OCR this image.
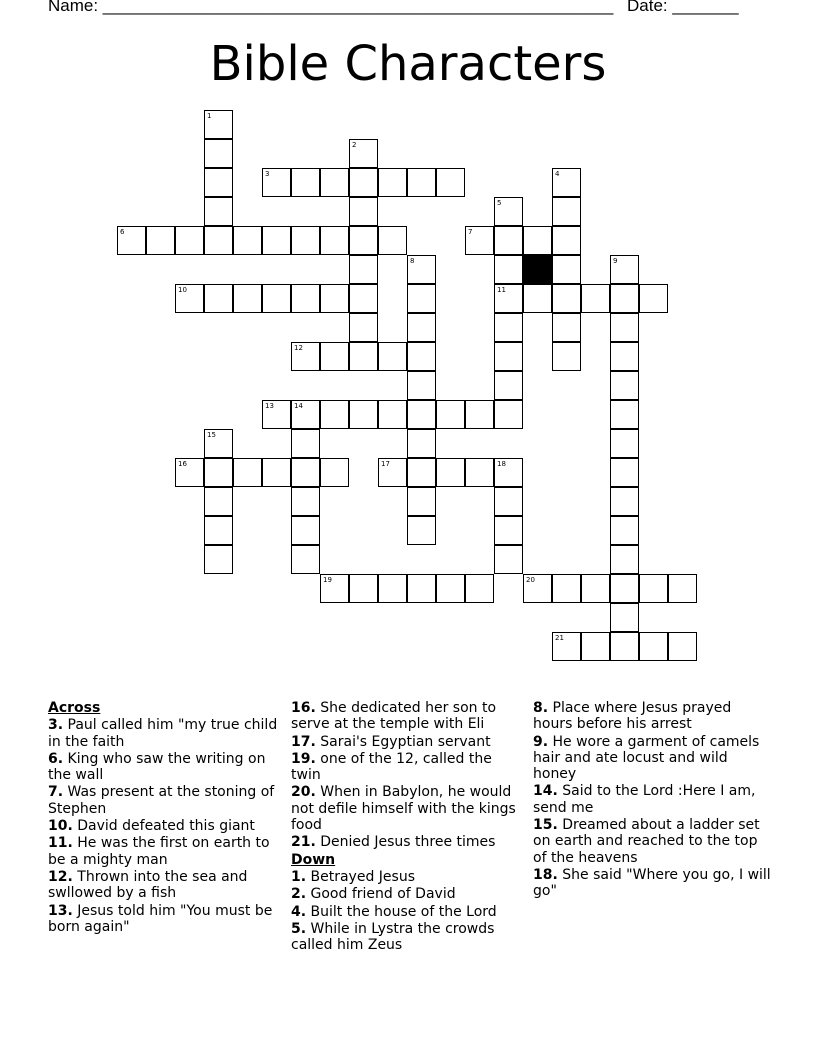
Name: ______________________________________________________

Date: _______

Bible Characters
3
6	7
10	11
12
13	14
16	17	18
19	20
21
1
2
4
5
8	9
15
Across
3. Paul called him "my true child in the faith
6. King who saw the writing on the wall
7. Was present at the stoning of Stephen
10. David defeated this giant
11. He was the first on earth to be a mighty man
12. Thrown into the sea and swllowed by a fish
13. Jesus told him "You must be born again"
16. She dedicated her son to serve at the temple with Eli
17. Sarai's Egyptian servant
19. one of the 12, called the twin
20. When in Babylon, he would not defile himself with the kings food
21. Denied Jesus three times
Down
1. Betrayed Jesus
2. Good friend of David
4. Built the house of the Lord
5. While in Lystra the crowds called him Zeus
8. Place where Jesus prayed hours before his arrest
9. He wore a garment of camels hair and ate locust and wild honey
14. Said to the Lord :Here I am, send me
15. Dreamed about a ladder set on earth and reached to the top of the heavens
18. She said "Where you go, I will go"
